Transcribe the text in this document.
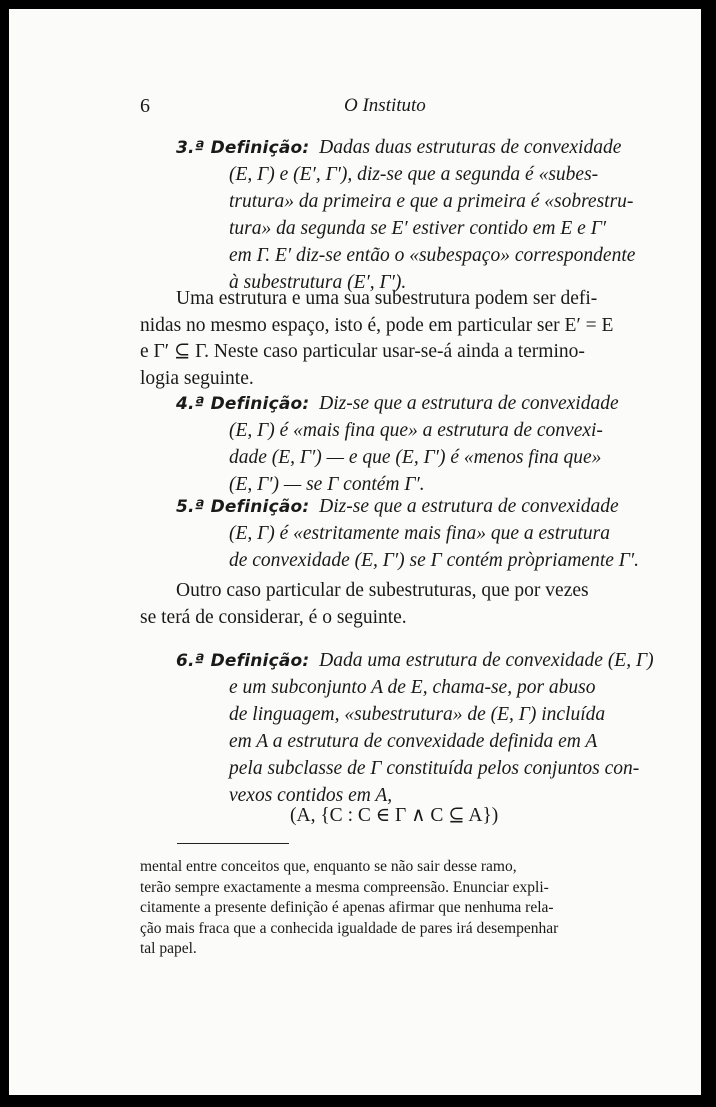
6	O Instituto
3.ª Definição: Dadas duas estruturas de convexidade
(E, Γ) e (E′, Γ′), diz-se que a segunda é «subes-
trutura» da primeira e que a primeira é «sobrestru-
tura» da segunda se E′ estiver contido em E e Γ′
em Γ. E′ diz-se então o «subespaço» correspondente
à subestrutura (E′, Γ′).
Uma estrutura e uma sua subestrutura podem ser defi-
nidas no mesmo espaço, isto é, pode em particular ser E′ = E
e Γ′ ⊆ Γ. Neste caso particular usar-se-á ainda a termino-
logia seguinte.
4.ª Definição: Diz-se que a estrutura de convexidade
(E, Γ) é «mais fina que» a estrutura de convexi-
dade (E, Γ′) — e que (E, Γ′) é «menos fina que»
(E, Γ′) — se Γ contém Γ′.
5.ª Definição: Diz-se que a estrutura de convexidade
(E, Γ) é «estritamente mais fina» que a estrutura
de convexidade (E, Γ′) se Γ contém pròpriamente Γ′.
Outro caso particular de subestruturas, que por vezes
se terá de considerar, é o seguinte.
6.ª Definição: Dada uma estrutura de convexidade (E, Γ)
e um subconjunto A de E, chama-se, por abuso
de linguagem, «subestrutura» de (E, Γ) incluída
em A a estrutura de convexidade definida em A
pela subclasse de Γ constituída pelos conjuntos con-
vexos contidos em A,
(A, {C : C ∈ Γ ∧ C ⊆ A})
mental entre conceitos que, enquanto se não sair desse ramo,
terão sempre exactamente a mesma compreensão. Enunciar expli-
citamente a presente definição é apenas afirmar que nenhuma rela-
ção mais fraca que a conhecida igualdade de pares irá desempenhar
tal papel.
